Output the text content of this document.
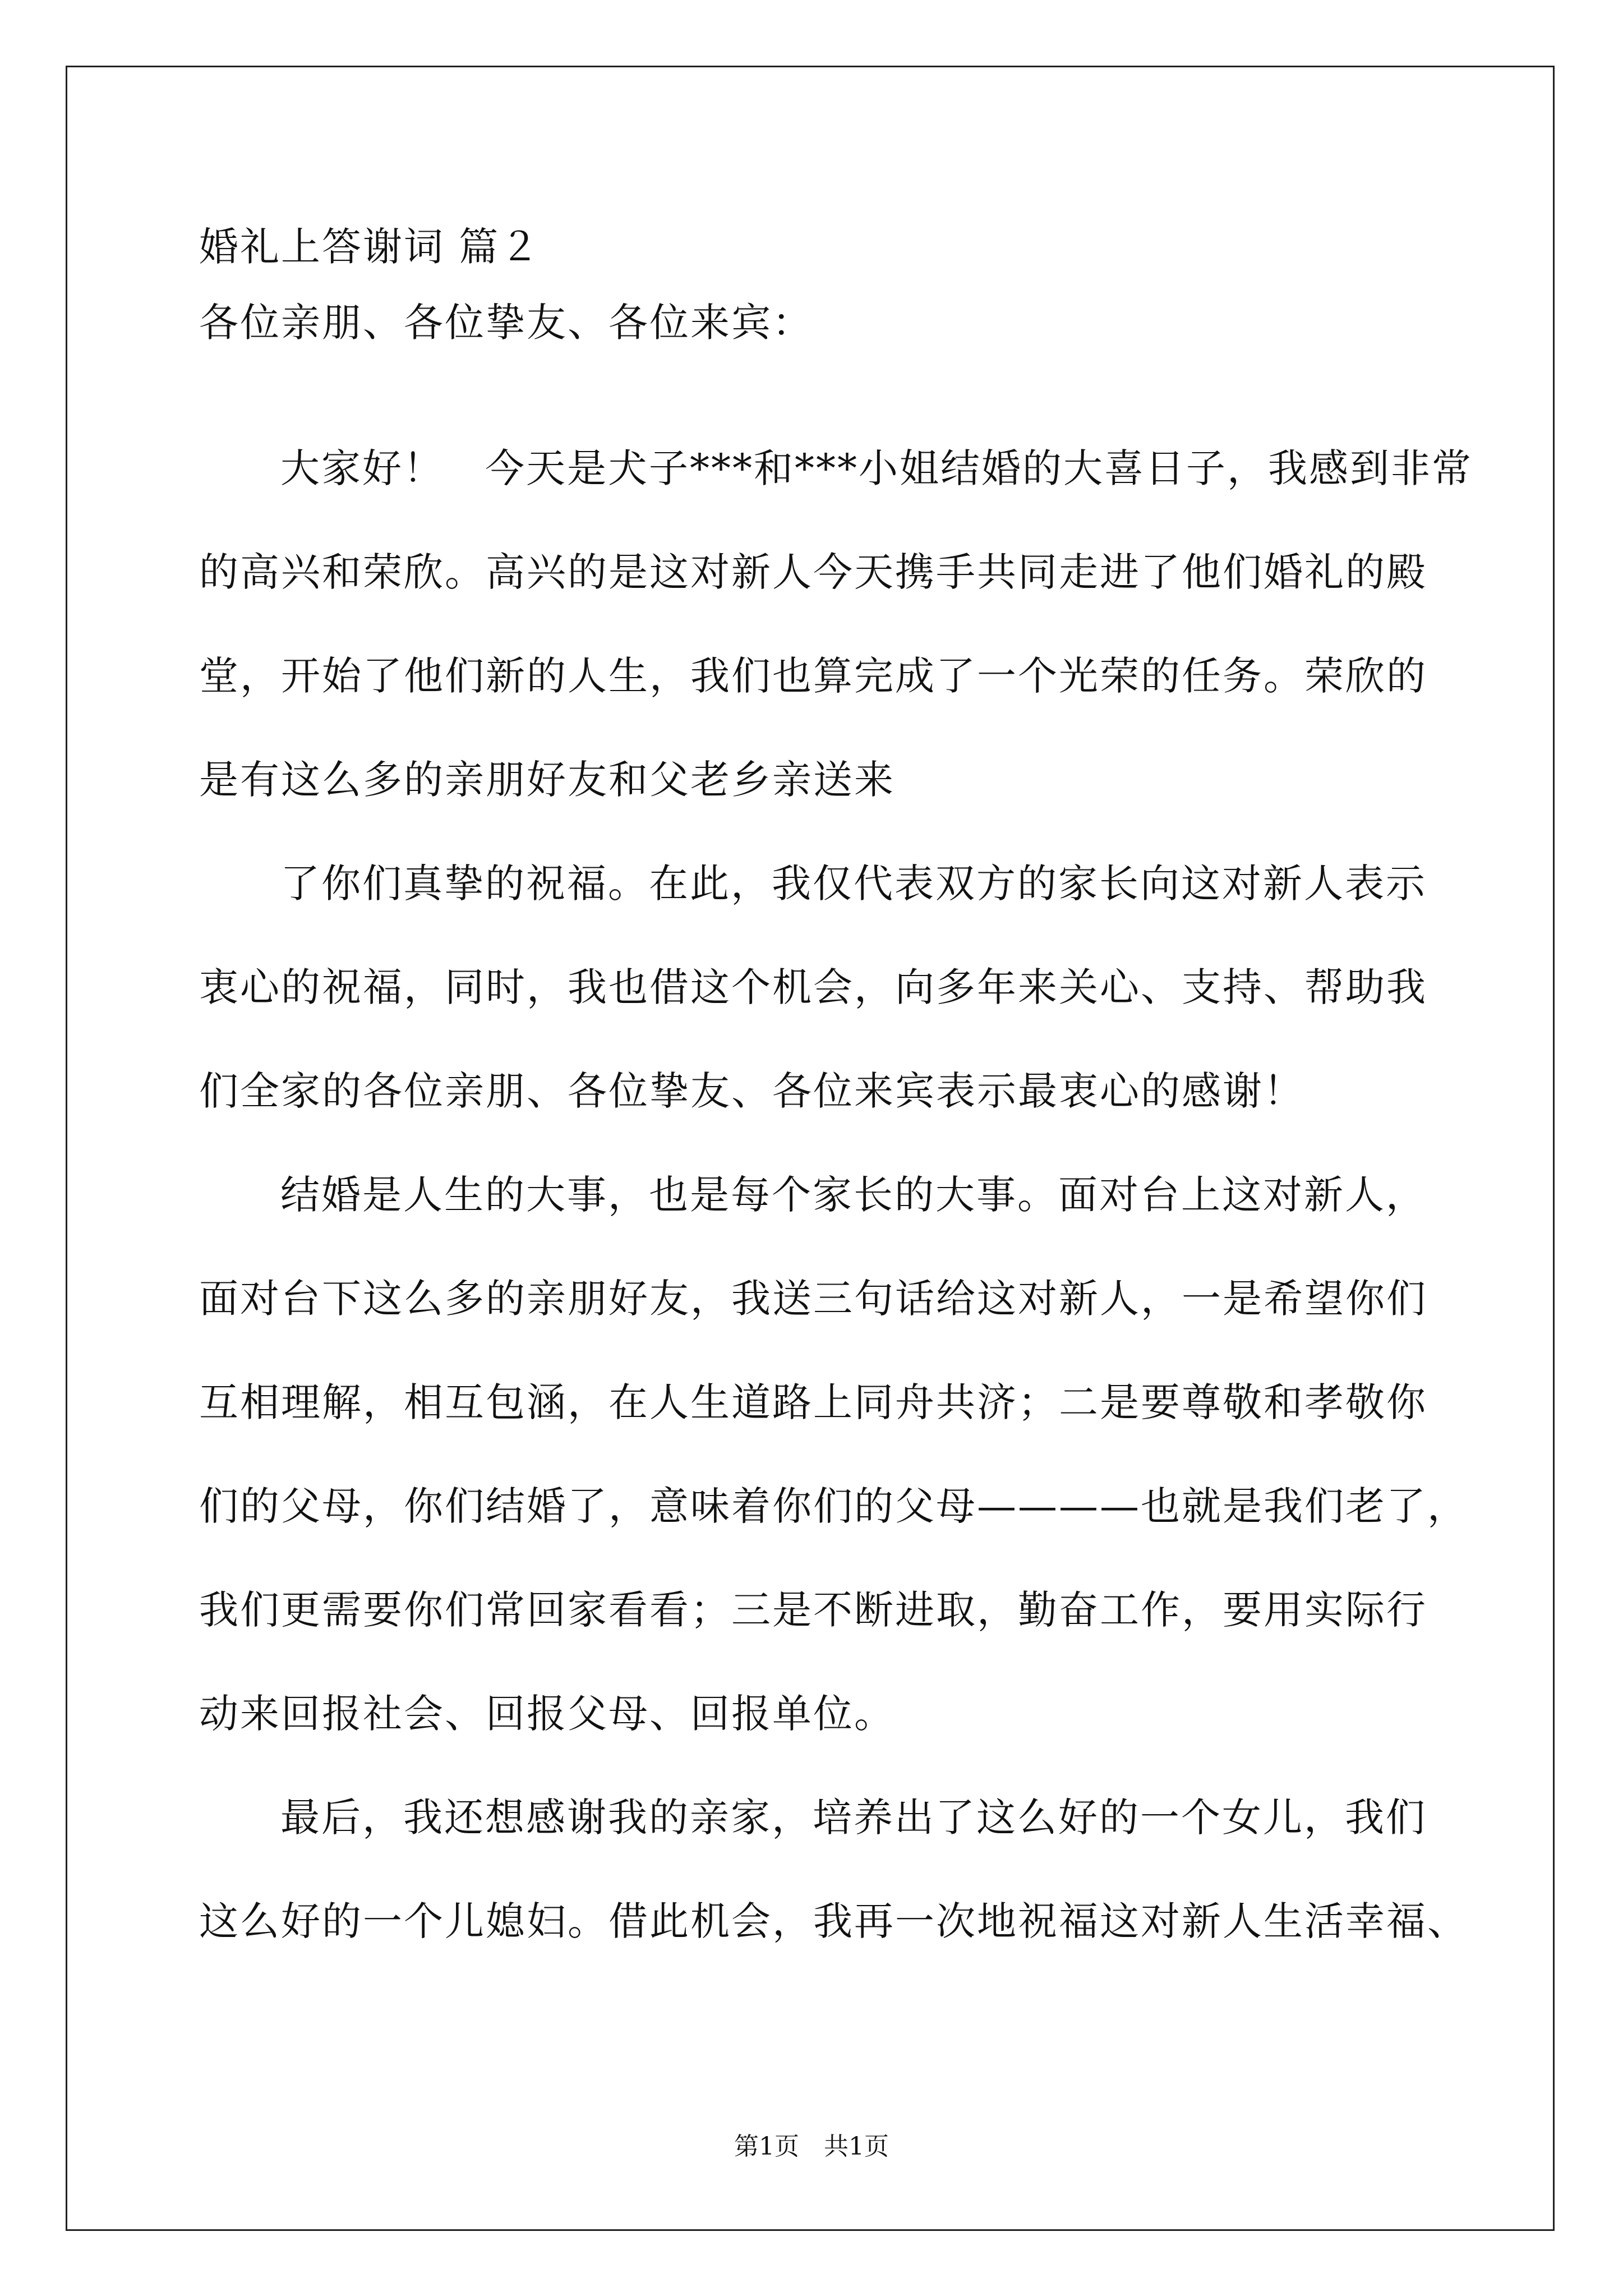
婚礼上答谢词 篇２
各位亲朋、各位挚友、各位来宾：
大家好！　今天是犬子***和***小姐结婚的大喜日子，我感到非常
的高兴和荣欣。高兴的是这对新人今天携手共同走进了他们婚礼的殿
堂，开始了他们新的人生，我们也算完成了一个光荣的任务。荣欣的
是有这么多的亲朋好友和父老乡亲送来
了你们真挚的祝福。在此，我仅代表双方的家长向这对新人表示
衷心的祝福，同时，我也借这个机会，向多年来关心、支持、帮助我
们全家的各位亲朋、各位挚友、各位来宾表示最衷心的感谢！
结婚是人生的大事，也是每个家长的大事。面对台上这对新人，
面对台下这么多的亲朋好友，我送三句话给这对新人，一是希望你们
互相理解，相互包涵，在人生道路上同舟共济；二是要尊敬和孝敬你
们的父母，你们结婚了，意味着你们的父母————也就是我们老了，
我们更需要你们常回家看看；三是不断进取，勤奋工作，要用实际行
动来回报社会、回报父母、回报单位。
最后，我还想感谢我的亲家，培养出了这么好的一个女儿，我们
这么好的一个儿媳妇。借此机会，我再一次地祝福这对新人生活幸福、
第1页　共1页
